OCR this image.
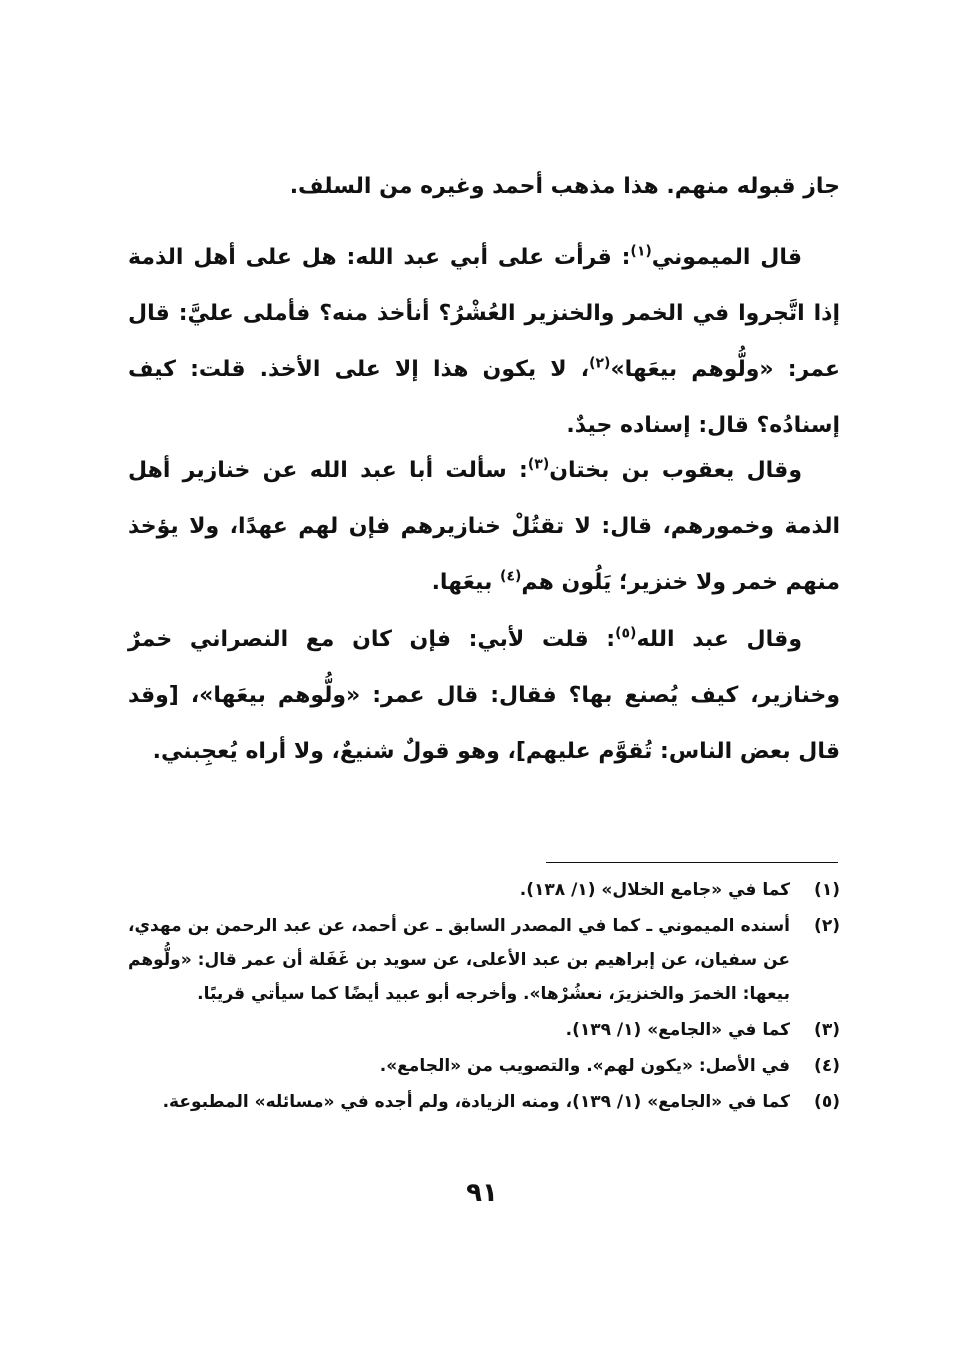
جاز قبوله منهم. هذا مذهب أحمد وغيره من السلف.

قال الميموني$^{(١)}$: قرأت على أبي عبد الله: هل على أهل الذمة إذا اتَّجروا في الخمر والخنزير العُشْرُ؟ أنأخذ منه؟ فأملى عليَّ: قال عمر: «ولُّوهم بيعَها»$^{(٢)}$، لا يكون هذا إلا على الأخذ. قلت: كيف إسنادُه؟ قال: إسناده جيدٌ.

وقال يعقوب بن بختان$^{(٣)}$: سألت أبا عبد الله عن خنازير أهل الذمة وخمورهم، قال: لا تقتُلْ خنازيرهم فإن لهم عهدًا، ولا يؤخذ منهم خمر ولا خنزير؛ يَلُون هم$^{(٤)}$ بيعَها.

وقال عبد الله$^{(٥)}$: قلت لأبي: فإن كان مع النصراني خمرٌ وخنازير، كيف يُصنع بها؟ فقال: قال عمر: «ولُّوهم بيعَها»، [وقد قال بعض الناس: تُقوَّم عليهم]، وهو قولٌ شنيعٌ، ولا أراه يُعجِبني.

(١)
كما في «جامع الخلال» (١/ ١٣٨).
(٢)
أسنده الميموني ـ كما في المصدر السابق ـ عن أحمد، عن عبد الرحمن بن مهدي، عن سفيان، عن إبراهيم بن عبد الأعلى، عن سويد بن غَفَلة أن عمر قال: «ولُّوهم بيعها: الخمرَ والخنزيرَ، نعشُرْها». وأخرجه أبو عبيد أيضًا كما سيأتي قريبًا.
(٣)
كما في «الجامع» (١/ ١٣٩).
(٤)
في الأصل: «يكون لهم». والتصويب من «الجامع».
(٥)
كما في «الجامع» (١/ ١٣٩)، ومنه الزيادة، ولم أجده في «مسائله» المطبوعة.
٩١
